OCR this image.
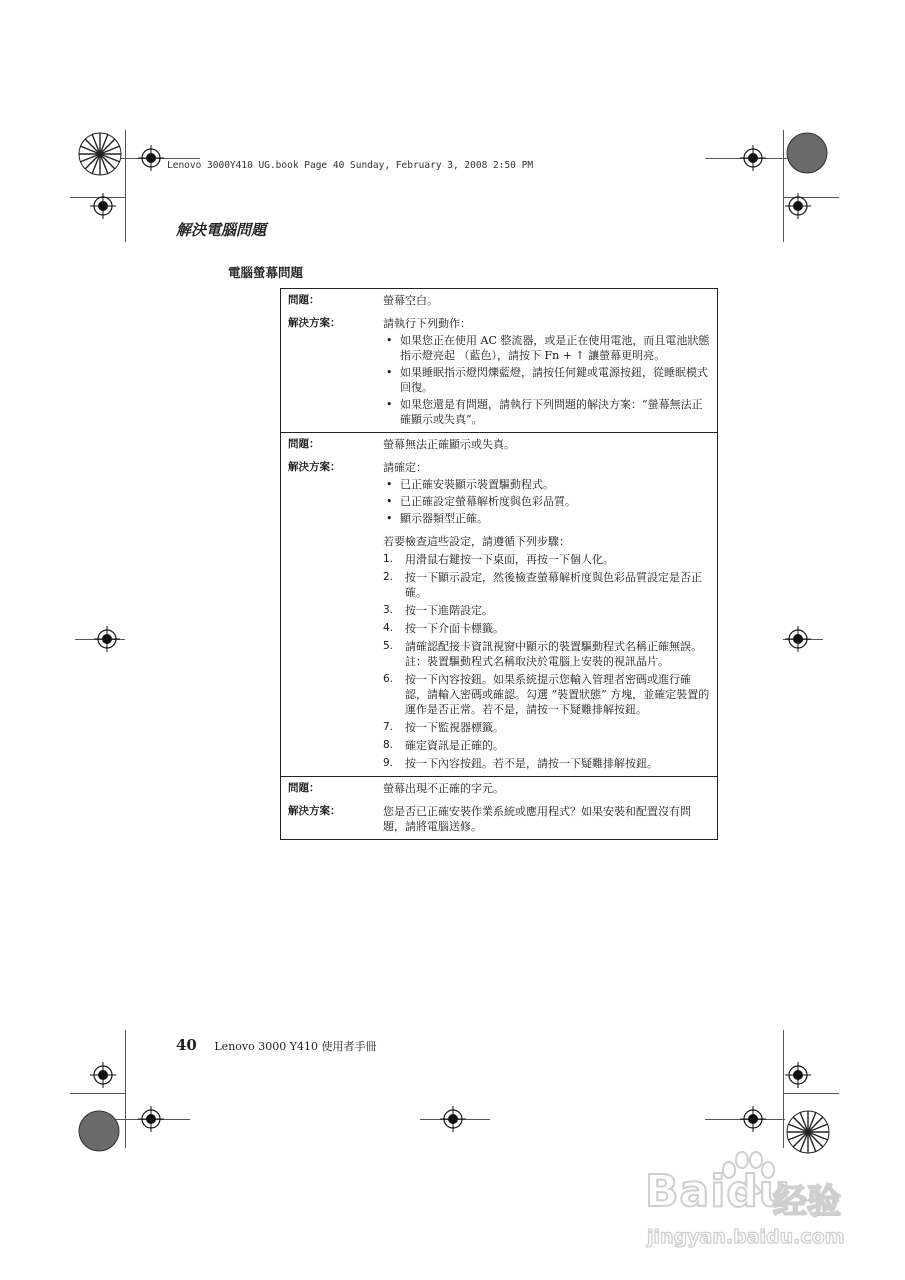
Lenovo 3000Y410 UG.book Page 40 Sunday, February 3, 2008 2:50 PM
解決電腦問題
電腦螢幕問題
問題：	螢幕空白。
解決方案：	請執行下列動作：
• 如果您正在使用 AC 整流器，或是正在使用電池，而且電池狀態指示燈亮起 （藍色），請按下 Fn + ↑ 讓螢幕更明亮。
• 如果睡眠指示燈閃爍藍燈，請按任何鍵或電源按鈕，從睡眠模式回復。
• 如果您還是有問題，請執行下列問題的解決方案：“螢幕無法正確顯示或失真”。
問題：	螢幕無法正確顯示或失真。
解決方案：	請確定：
• 已正確安裝顯示裝置驅動程式。
• 已正確設定螢幕解析度與色彩品質。
• 顯示器類型正確。
若要檢查這些設定，請遵循下列步驟：
1.	用滑鼠右鍵按一下桌面，再按一下個人化。
2.	按一下顯示設定，然後檢查螢幕解析度與色彩品質設定是否正確。
3.	按一下進階設定。
4.	按一下介面卡標籤。
5.	請確認配接卡資訊視窗中顯示的裝置驅動程式名稱正確無誤。註：裝置驅動程式名稱取決於電腦上安裝的視訊晶片。
6.	按一下內容按鈕。如果系統提示您輸入管理者密碼或進行確認，請輸入密碼或確認。勾選 “裝置狀態” 方塊，並確定裝置的運作是否正常。若不是，請按一下疑難排解按鈕。
7.	按一下監視器標籤。
8.	確定資訊是正確的。
9.	按一下內容按鈕。若不是，請按一下疑難排解按鈕。
問題：	螢幕出現不正確的字元。
解決方案：	您是否已正確安裝作業系統或應用程式？如果安裝和配置沒有問題，請將電腦送修。
40 Lenovo 3000 Y410 使用者手冊
Baidu
经验
jingyan.baidu.com
